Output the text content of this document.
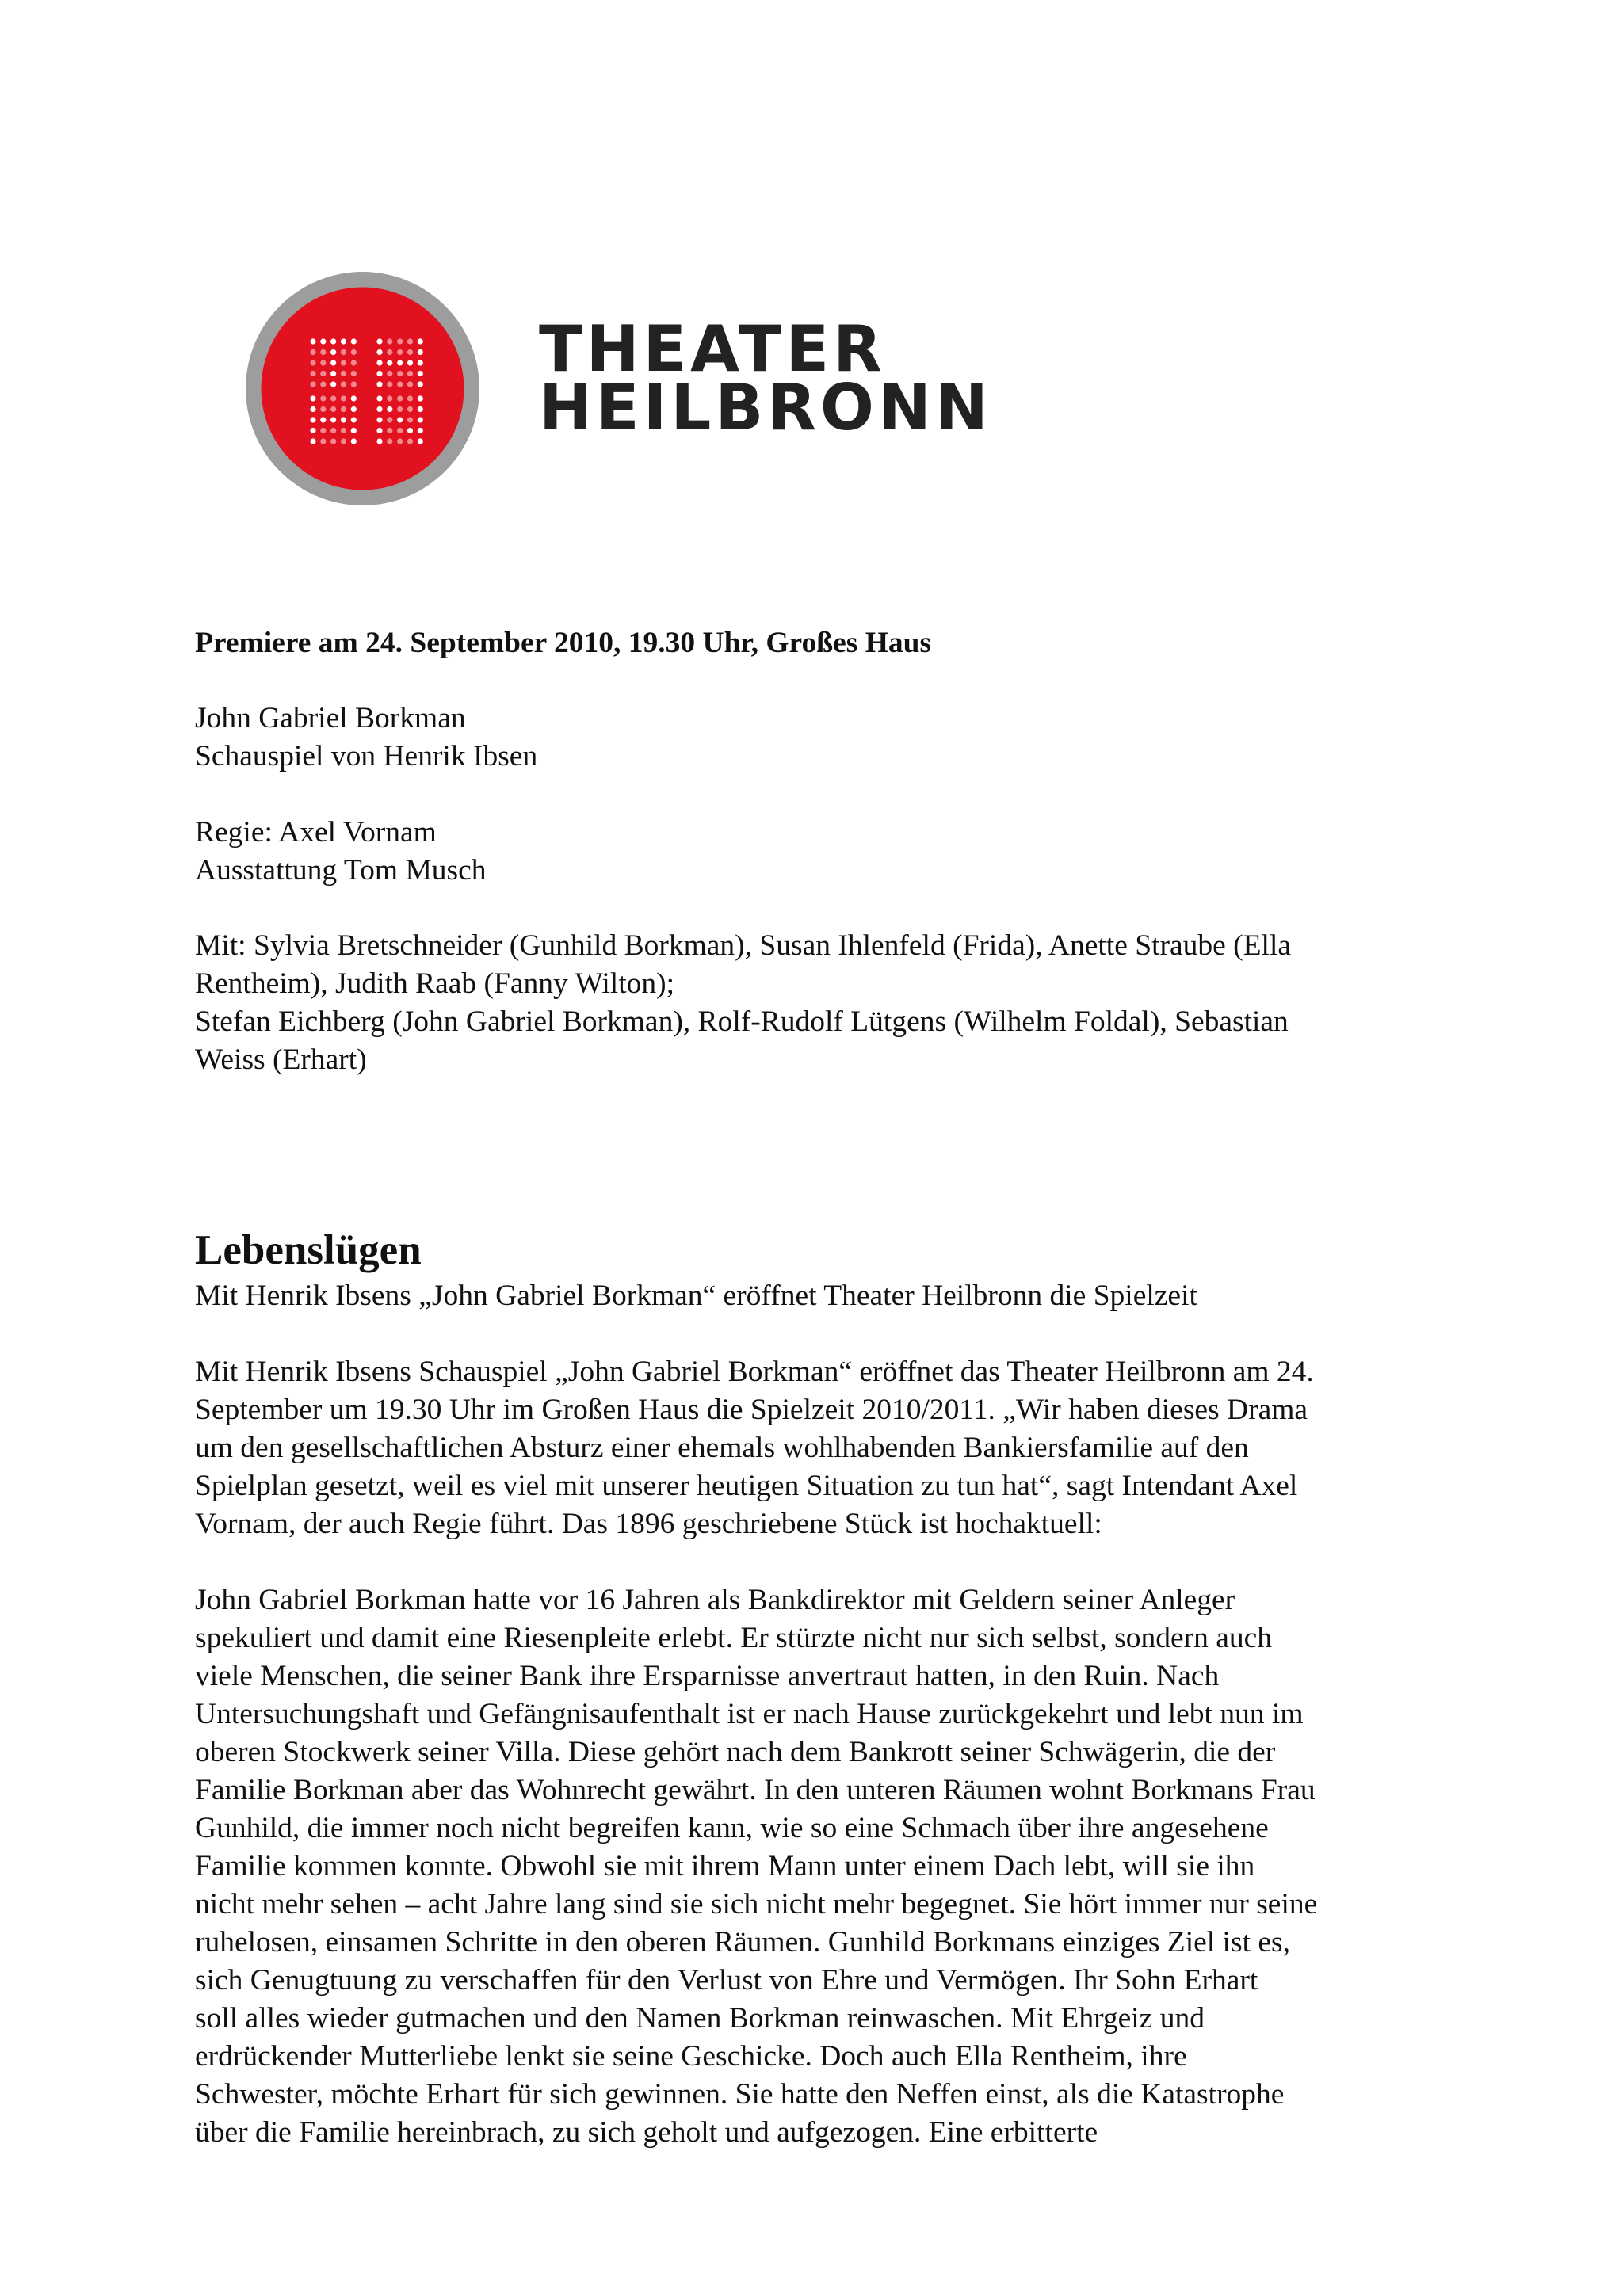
THEATER
HEILBRONN
Premiere am 24. September 2010, 19.30 Uhr, Großes Haus
John Gabriel Borkman
Schauspiel von Henrik Ibsen
Regie: Axel Vornam
Ausstattung Tom Musch
Mit: Sylvia Bretschneider (Gunhild Borkman), Susan Ihlenfeld (Frida), Anette Straube (Ella
Rentheim), Judith Raab (Fanny Wilton);
Stefan Eichberg (John Gabriel Borkman), Rolf-Rudolf Lütgens (Wilhelm Foldal), Sebastian
Weiss (Erhart)
Lebenslügen
Mit Henrik Ibsens „John Gabriel Borkman“ eröffnet Theater Heilbronn die Spielzeit
Mit Henrik Ibsens Schauspiel „John Gabriel Borkman“ eröffnet das Theater Heilbronn am 24.
September um 19.30 Uhr im Großen Haus die Spielzeit 2010/2011. „Wir haben dieses Drama
um den gesellschaftlichen Absturz einer ehemals wohlhabenden Bankiersfamilie auf den
Spielplan gesetzt, weil es viel mit unserer heutigen Situation zu tun hat“, sagt Intendant Axel
Vornam, der auch Regie führt. Das 1896 geschriebene Stück ist hochaktuell:
John Gabriel Borkman hatte vor 16 Jahren als Bankdirektor mit Geldern seiner Anleger
spekuliert und damit eine Riesenpleite erlebt. Er stürzte nicht nur sich selbst, sondern auch
viele Menschen, die seiner Bank ihre Ersparnisse anvertraut hatten, in den Ruin. Nach
Untersuchungshaft und Gefängnisaufenthalt ist er nach Hause zurückgekehrt und lebt nun im
oberen Stockwerk seiner Villa. Diese gehört nach dem Bankrott seiner Schwägerin, die der
Familie Borkman aber das Wohnrecht gewährt. In den unteren Räumen wohnt Borkmans Frau
Gunhild, die immer noch nicht begreifen kann, wie so eine Schmach über ihre angesehene
Familie kommen konnte. Obwohl sie mit ihrem Mann unter einem Dach lebt, will sie ihn
nicht mehr sehen – acht Jahre lang sind sie sich nicht mehr begegnet. Sie hört immer nur seine
ruhelosen, einsamen Schritte in den oberen Räumen. Gunhild Borkmans einziges Ziel ist es,
sich Genugtuung zu verschaffen für den Verlust von Ehre und Vermögen. Ihr Sohn Erhart
soll alles wieder gutmachen und den Namen Borkman reinwaschen. Mit Ehrgeiz und
erdrückender Mutterliebe lenkt sie seine Geschicke. Doch auch Ella Rentheim, ihre
Schwester, möchte Erhart für sich gewinnen. Sie hatte den Neffen einst, als die Katastrophe
über die Familie hereinbrach, zu sich geholt und aufgezogen. Eine erbitterte
